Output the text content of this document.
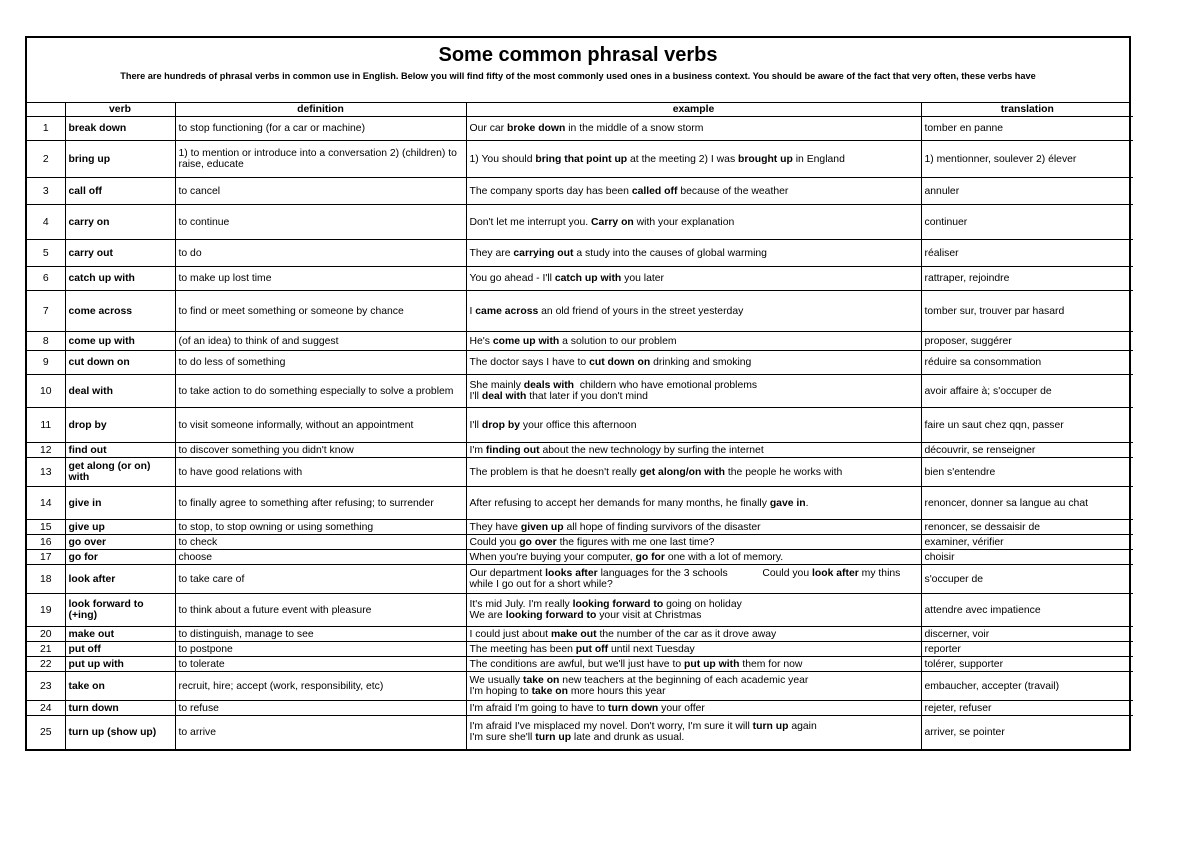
Some common phrasal verbs
There are hundreds of phrasal verbs in common use in English. Below you will find fifty of the most commonly used ones in a business context. You should be aware of the fact that very often, these verbs have
	verb	definition	example	translation
1	break down	to stop functioning (for a car or machine)	Our car broke down in the middle of a snow storm	tomber en panne
2	bring up	1) to mention or introduce into a conversation 2) (children) to raise, educate	1) You should bring that point up at the meeting 2) I was brought up in England	1) mentionner, soulever 2) élever
3	call off	to cancel	The company sports day has been called off because of the weather	annuler
4	carry on	to continue	Don't let me interrupt you. Carry on with your explanation	continuer
5	carry out	to do	They are carrying out a study into the causes of global warming	réaliser
6	catch up with	to make up lost time	You go ahead - I'll catch up with you later	rattraper, rejoindre
7	come across	to find or meet something or someone by chance	I came across an old friend of yours in the street yesterday	tomber sur, trouver par hasard
8	come up with	(of an idea) to think of and suggest	He's come up with a solution to our problem	proposer, suggérer
9	cut down on	to do less of something	The doctor says I have to cut down on drinking and smoking	réduire sa consommation
10	deal with	to take action to do something especially to solve a problem	She mainly deals with  childern who have emotional problems
I'll deal with that later if you don't mind	avoir affaire à; s'occuper de
11	drop by	to visit someone informally, without an appointment	I'll drop by your office this afternoon	faire un saut chez qqn, passer
12	find out	to discover something you didn't know	I'm finding out about the new technology by surfing the internet	découvrir, se renseigner
13	get along (or on) with	to have good relations with	The problem is that he doesn't really get along/on with the people he works with	bien s'entendre
14	give in	to finally agree to something after refusing; to surrender	After refusing to accept her demands for many months, he finally gave in.	renoncer, donner sa langue au chat
15	give up	to stop, to stop owning or using something	They have given up all hope of finding survivors of the disaster	renoncer, se dessaisir de
16	go over	to check	Could you go over the figures with me one last time?	examiner, vérifier
17	go for	choose	When you're buying your computer, go for one with a lot of memory.	choisir
18	look after	to take care of	Our department looks after languages for the 3 schools            Could you look after my thins while I go out for a short while?	s'occuper de
19	look forward to (+ing)	to think about a future event with pleasure	It's mid July. I'm really looking forward to going on holiday
We are looking forward to your visit at Christmas	attendre avec impatience
20	make out	to distinguish, manage to see	I could just about make out the number of the car as it drove away	discerner, voir
21	put off	to postpone	The meeting has been put off until next Tuesday	reporter
22	put up with	to tolerate	The conditions are awful, but we'll just have to put up with them for now	tolérer, supporter
23	take on	recruit, hire; accept (work, responsibility, etc)	We usually take on new teachers at the beginning of each academic year
I'm hoping to take on more hours this year	embaucher, accepter (travail)
24	turn down	to refuse	I'm afraid I'm going to have to turn down your offer	rejeter, refuser
25	turn up (show up)	to arrive	I'm afraid I've misplaced my novel. Don't worry, I'm sure it will turn up again
I'm sure she'll turn up late and drunk as usual.	arriver, se pointer
